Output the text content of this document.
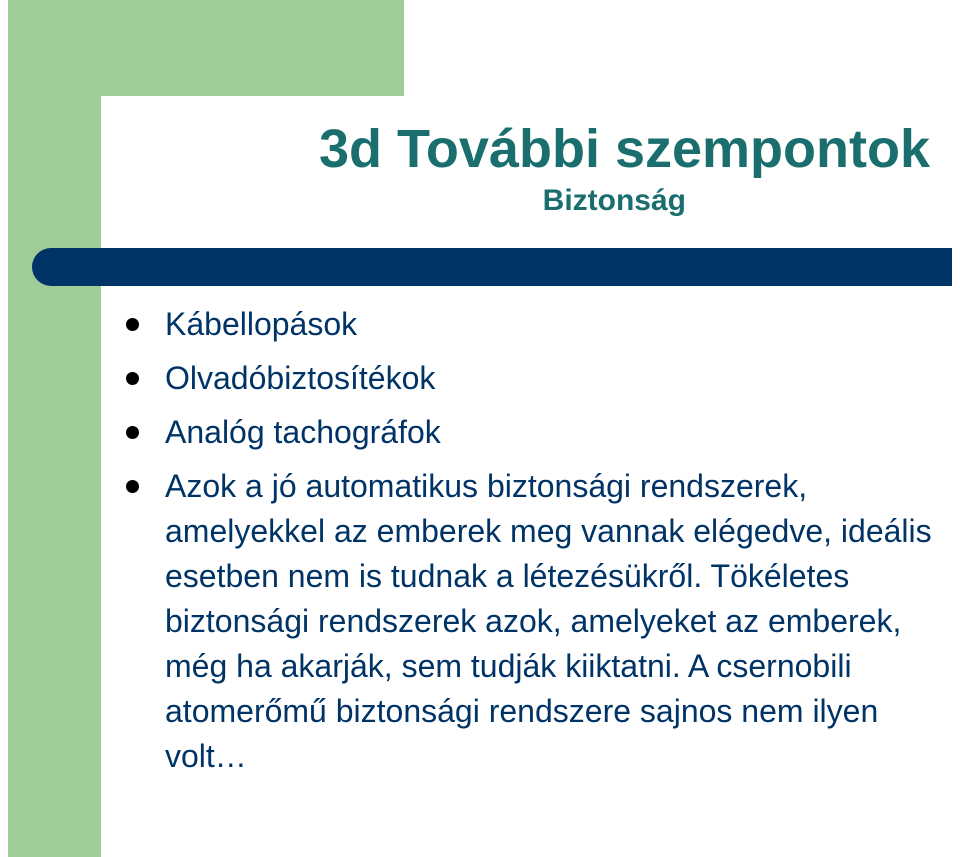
3d További szempontok
Biztonság
Kábellopások
Olvadóbiztosítékok
Analóg tachográfok
Azok a jó automatikus biztonsági rendszerek, amelyekkel az emberek meg vannak elégedve, ideális esetben nem is tudnak a létezésükről. Tökéletes biztonsági rendszerek azok, amelyeket az emberek, még ha akarják, sem tudják kiiktatni. A csernobili atomerőmű biztonsági rendszere sajnos nem ilyen volt…
